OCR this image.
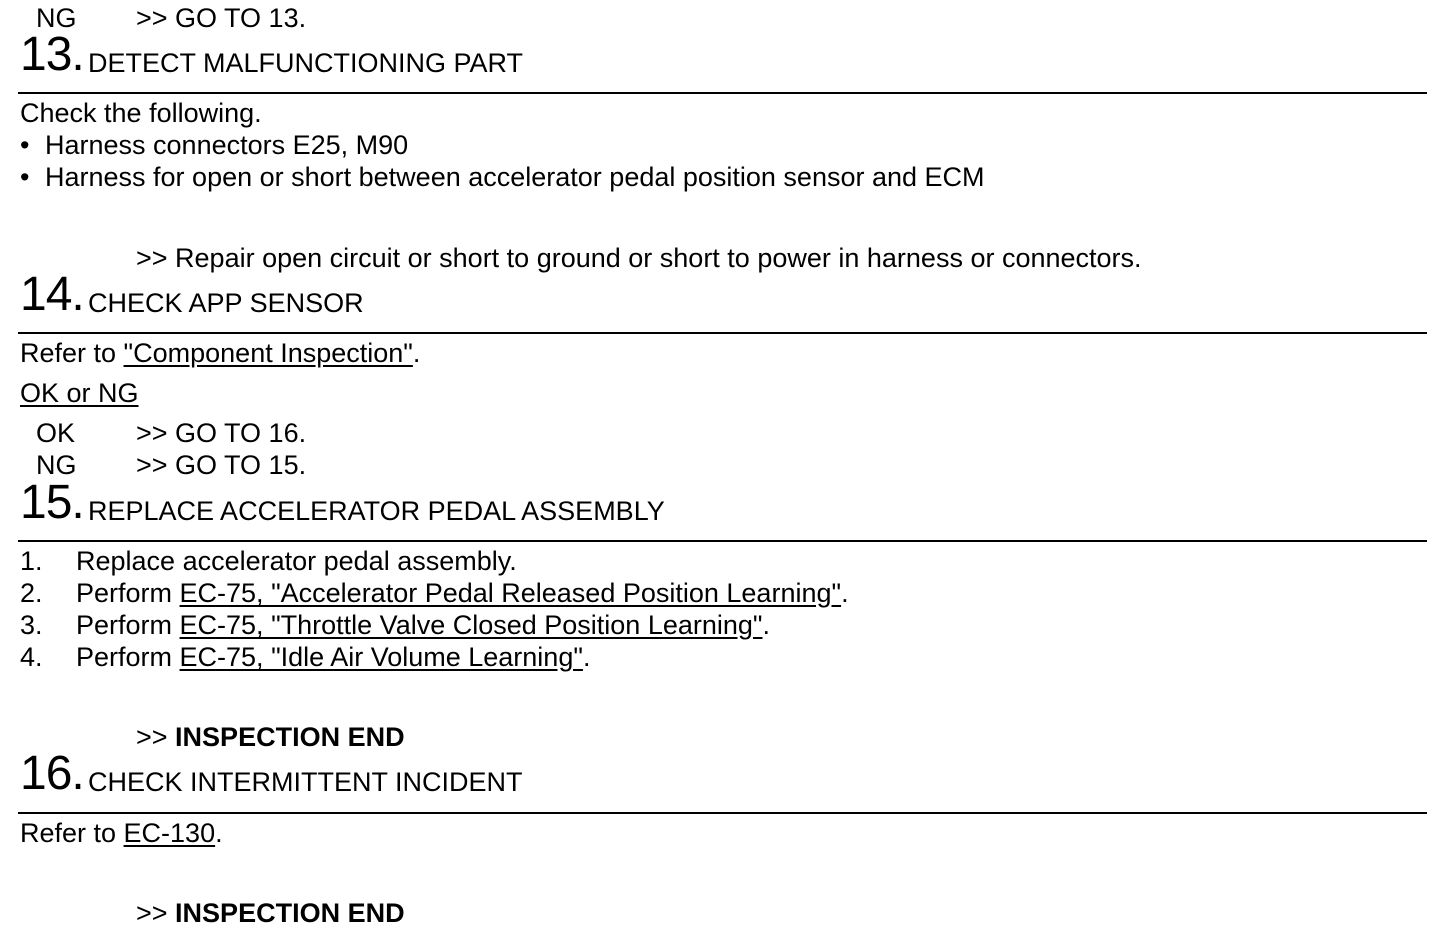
NG >> GO TO 13.
13. DETECT MALFUNCTIONING PART
Check the following.
• Harness connectors E25, M90
• Harness for open or short between accelerator pedal position sensor and ECM
>> Repair open circuit or short to ground or short to power in harness or connectors.
14. CHECK APP SENSOR
Refer to "Component Inspection".
OK or NG
OK >> GO TO 16.
NG >> GO TO 15.
15. REPLACE ACCELERATOR PEDAL ASSEMBLY
1. Replace accelerator pedal assembly.
2. Perform EC-75, "Accelerator Pedal Released Position Learning".
3. Perform EC-75, "Throttle Valve Closed Position Learning".
4. Perform EC-75, "Idle Air Volume Learning".
>> INSPECTION END
16. CHECK INTERMITTENT INCIDENT
Refer to EC-130.
>> INSPECTION END
